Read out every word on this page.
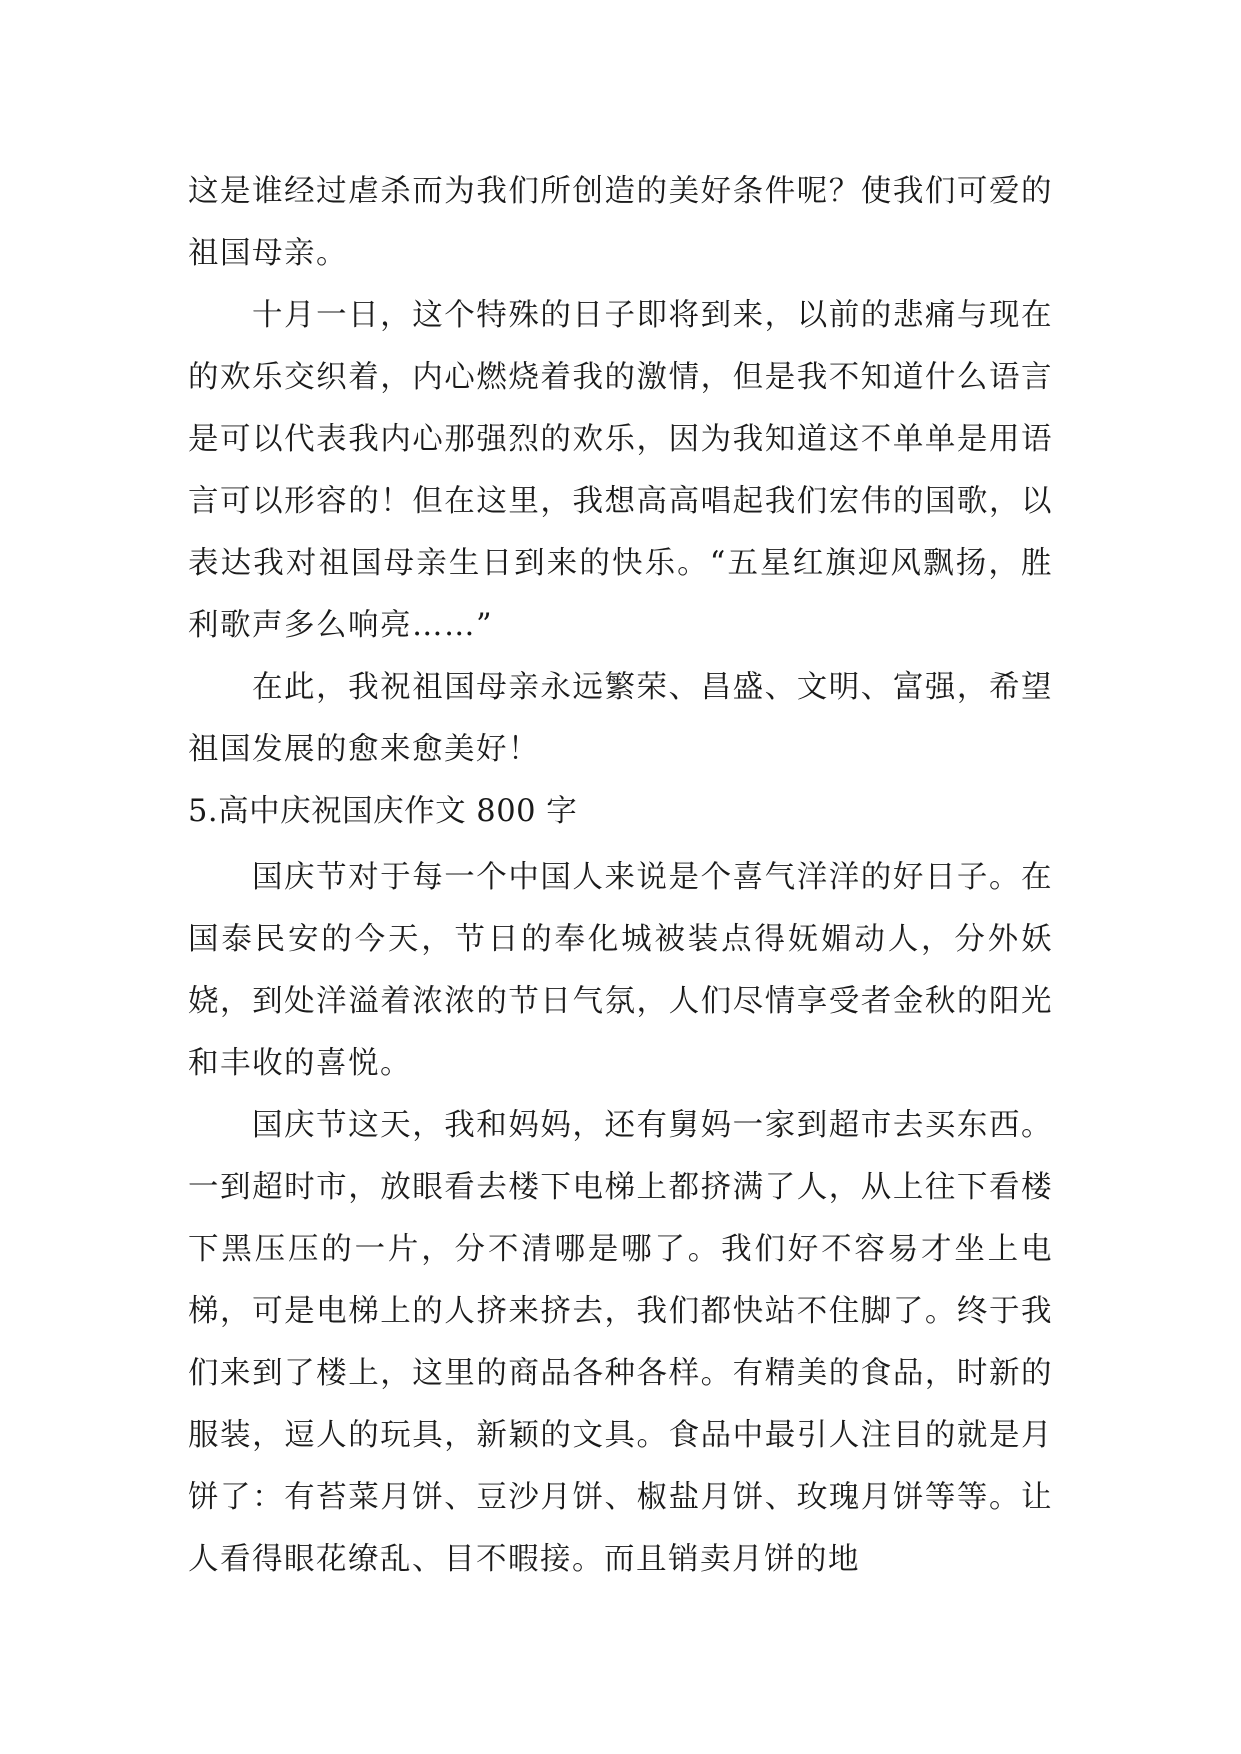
这是谁经过虐杀而为我们所创造的美好条件呢？使我们可爱的祖国母亲。

十月一日，这个特殊的日子即将到来，以前的悲痛与现在的欢乐交织着，内心燃烧着我的激情，但是我不知道什么语言是可以代表我内心那强烈的欢乐，因为我知道这不单单是用语言可以形容的！但在这里，我想高高唱起我们宏伟的国歌，以表达我对祖国母亲生日到来的快乐。“五星红旗迎风飘扬，胜利歌声多么响亮……”

在此，我祝祖国母亲永远繁荣、昌盛、文明、富强，希望祖国发展的愈来愈美好！

5.高中庆祝国庆作文 800 字

国庆节对于每一个中国人来说是个喜气洋洋的好日子。在国泰民安的今天，节日的奉化城被装点得妩媚动人，分外妖娆，到处洋溢着浓浓的节日气氛，人们尽情享受者金秋的阳光和丰收的喜悦。

国庆节这天，我和妈妈，还有舅妈一家到超市去买东西。一到超时市，放眼看去楼下电梯上都挤满了人，从上往下看楼下黑压压的一片，分不清哪是哪了。我们好不容易才坐上电梯，可是电梯上的人挤来挤去，我们都快站不住脚了。终于我们来到了楼上，这里的商品各种各样。有精美的食品，时新的服装，逗人的玩具，新颖的文具。食品中最引人注目的就是月饼了：有苔菜月饼、豆沙月饼、椒盐月饼、玫瑰月饼等等。让人看得眼花缭乱、目不暇接。而且销卖月饼的地
